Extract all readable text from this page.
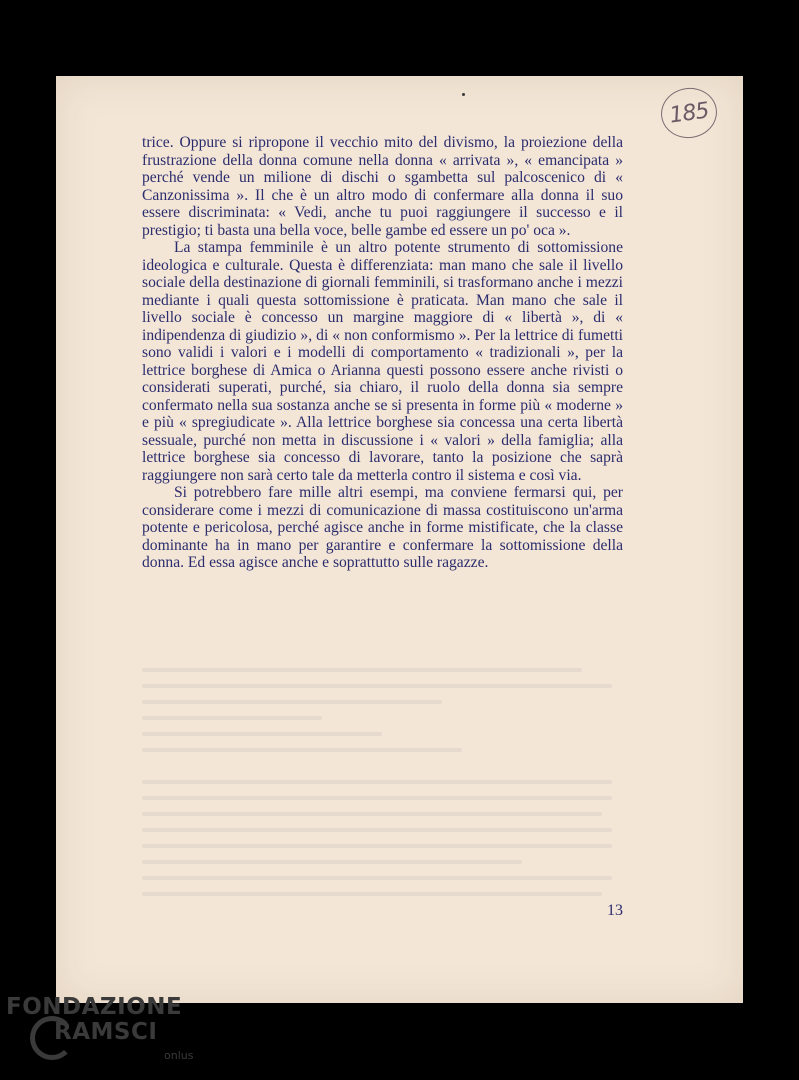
185

trice. Oppure si ripropone il vecchio mito del divismo, la proiezione della frustrazione della donna comune nella donna « arrivata », « emancipata » perché vende un milione di dischi o sgambetta sul palcoscenico di « Canzonissima ». Il che è un altro modo di confermare alla donna il suo essere discriminata: « Vedi, anche tu puoi raggiungere il successo e il prestigio; ti basta una bella voce, belle gambe ed essere un po' oca ».

La stampa femminile è un altro potente strumento di sottomissione ideologica e culturale. Questa è differenziata: man mano che sale il livello sociale della destinazione di giornali femminili, si trasformano anche i mezzi mediante i quali questa sottomissione è praticata. Man mano che sale il livello sociale è concesso un margine maggiore di « libertà », di « indipendenza di giudizio », di « non conformismo ». Per la lettrice di fumetti sono validi i valori e i modelli di comportamento « tradizionali », per la lettrice borghese di Amica o Arianna questi possono essere anche rivisti o considerati superati, purché, sia chiaro, il ruolo della donna sia sempre confermato nella sua sostanza anche se si presenta in forme più « moderne » e più « spregiudicate ». Alla lettrice borghese sia concessa una certa libertà sessuale, purché non metta in discussione i « valori » della famiglia; alla lettrice borghese sia concesso di lavorare, tanto la posizione che saprà raggiungere non sarà certo tale da metterla contro il sistema e così via.

Si potrebbero fare mille altri esempi, ma conviene fermarsi qui, per considerare come i mezzi di comunicazione di massa costituiscono un'arma potente e pericolosa, perché agisce anche in forme mistificate, che la classe dominante ha in mano per garantire e confermare la sottomissione della donna. Ed essa agisce anche e soprattutto sulle ragazze.

13
FONDAZIONE
RAMSCI
onlus
